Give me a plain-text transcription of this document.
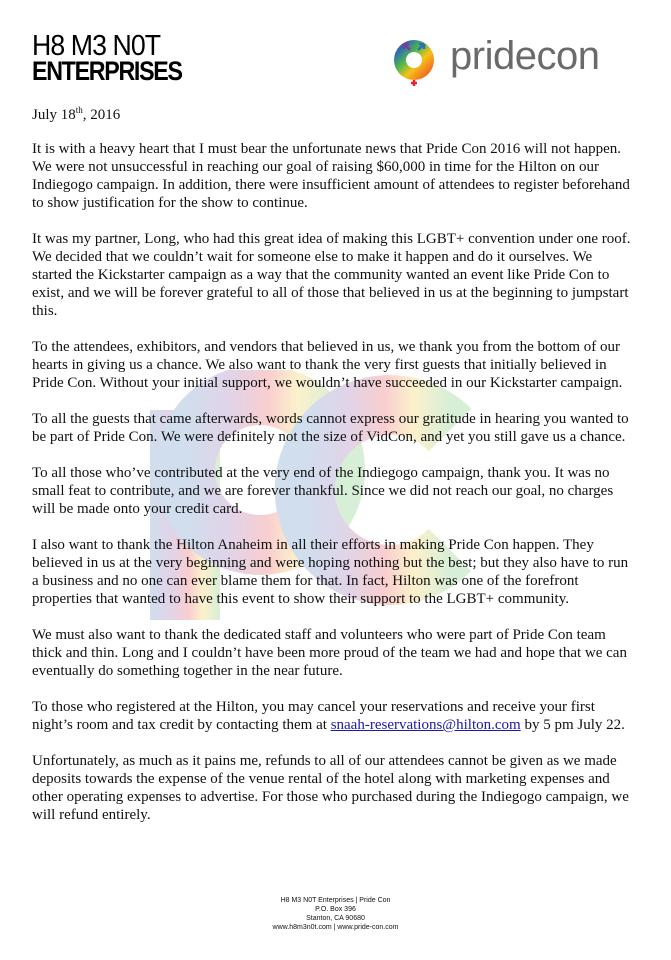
H8 M3 N0T
ENTERPRISES	pridecon

July 18th, 2016

It is with a heavy heart that I must bear the unfortunate news that Pride Con 2016 will not happen. We were not unsuccessful in reaching our goal of raising $60,000 in time for the Hilton on our Indiegogo campaign. In addition, there were insufficient amount of attendees to register beforehand to show justification for the show to continue.

It was my partner, Long, who had this great idea of making this LGBT+ convention under one roof. We decided that we couldn’t wait for someone else to make it happen and do it ourselves. We started the Kickstarter campaign as a way that the community wanted an event like Pride Con to exist, and we will be forever grateful to all of those that believed in us at the beginning to jumpstart this.

To the attendees, exhibitors, and vendors that believed in us, we thank you from the bottom of our hearts in giving us a chance. We also want to thank the very first guests that initially believed in Pride Con. Without your initial support, we wouldn’t have succeeded in our Kickstarter campaign.

To all the guests that came afterwards, words cannot express our gratitude in hearing you wanted to be part of Pride Con. We were definitely not the size of VidCon, and yet you still gave us a chance.

To all those who’ve contributed at the very end of the Indiegogo campaign, thank you. It was no small feat to contribute, and we are forever thankful. Since we did not reach our goal, no charges will be made onto your credit card.

I also want to thank the Hilton Anaheim in all their efforts in making Pride Con happen. They believed in us at the very beginning and were hoping nothing but the best; but they also have to run a business and no one can ever blame them for that. In fact, Hilton was one of the forefront properties that wanted to have this event to show their support to the LGBT+ community.

We must also want to thank the dedicated staff and volunteers who were part of Pride Con team thick and thin. Long and I couldn’t have been more proud of the team we had and hope that we can eventually do something together in the near future.

To those who registered at the Hilton, you may cancel your reservations and receive your first night’s room and tax credit by contacting them at snaah-reservations@hilton.com by 5 pm July 22.

Unfortunately, as much as it pains me, refunds to all of our attendees cannot be given as we made deposits towards the expense of the venue rental of the hotel along with marketing expenses and other operating expenses to advertise. For those who purchased during the Indiegogo campaign, we will refund entirely.

H8 M3 N0T Enterprises | Pride Con
P.O. Box 396
Stanton, CA 90680
www.h8m3n0t.com | www.pride-con.com
